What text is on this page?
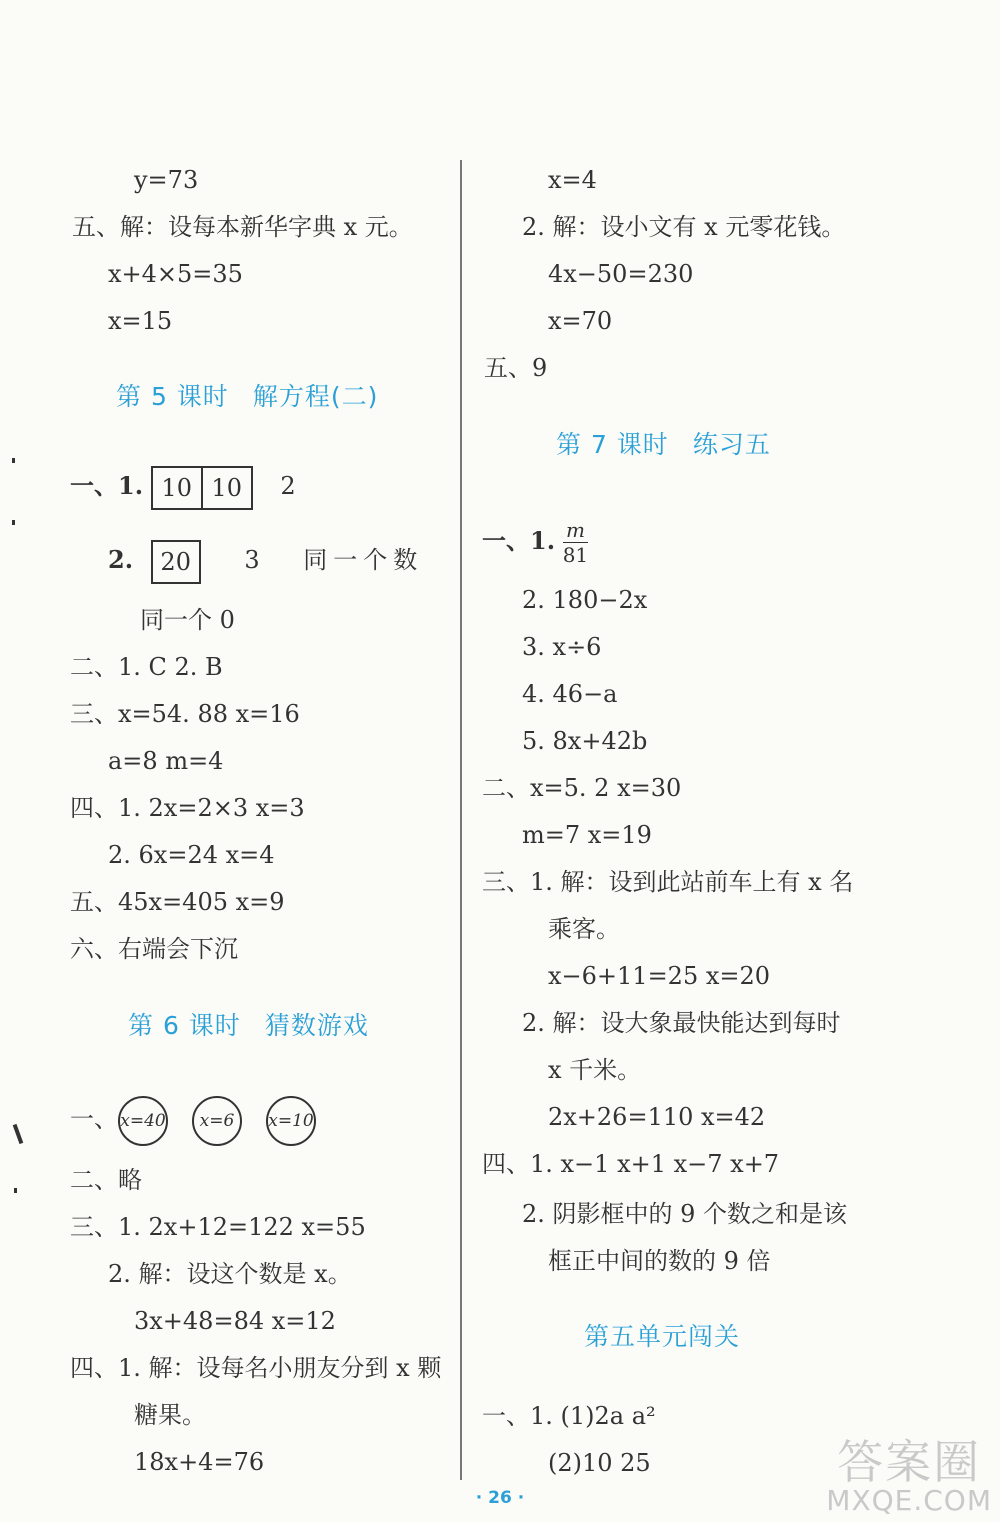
y=73
五、解：设每本新华字典 x 元。
x+4×5=35
x=15
第 5 课时 解方程(二)
一、1. 10 10	2
2. 20 3 同一个数
同一个 0
二、1. C 2. B
三、x=54. 88 x=16
a=8 m=4
四、1. 2x=2×3 x=3
2. 6x=24 x=4
五、45x=405 x=9
六、右端会下沉
第 6 课时 猜数游戏
一、 x=40 x=6 x=10
二、略
三、1. 2x+12=122 x=55
2. 解：设这个数是 x。
3x+48=84 x=12
四、1. 解：设每名小朋友分到 x 颗
糖果。
18x+4=76
x=4
2. 解：设小文有 x 元零花钱。
4x−50=230
x=70
五、9
第 7 课时 练习五
一、1. $\frac{m}{81}$
2. 180−2x
3. x÷6
4. 46−a
5. 8x+42b
二、x=5. 2 x=30
m=7 x=19
三、1. 解：设到此站前车上有 x 名
乘客。
x−6+11=25 x=20
2. 解：设大象最快能达到每时
x 千米。
2x+26=110 x=42
四、1. x−1 x+1 x−7 x+7
2. 阴影框中的 9 个数之和是该
框正中间的数的 9 倍
第五单元闯关
一、1. (1)2a a²
(2)10 25
· 26 ·
答案圈
MXQE.COM
